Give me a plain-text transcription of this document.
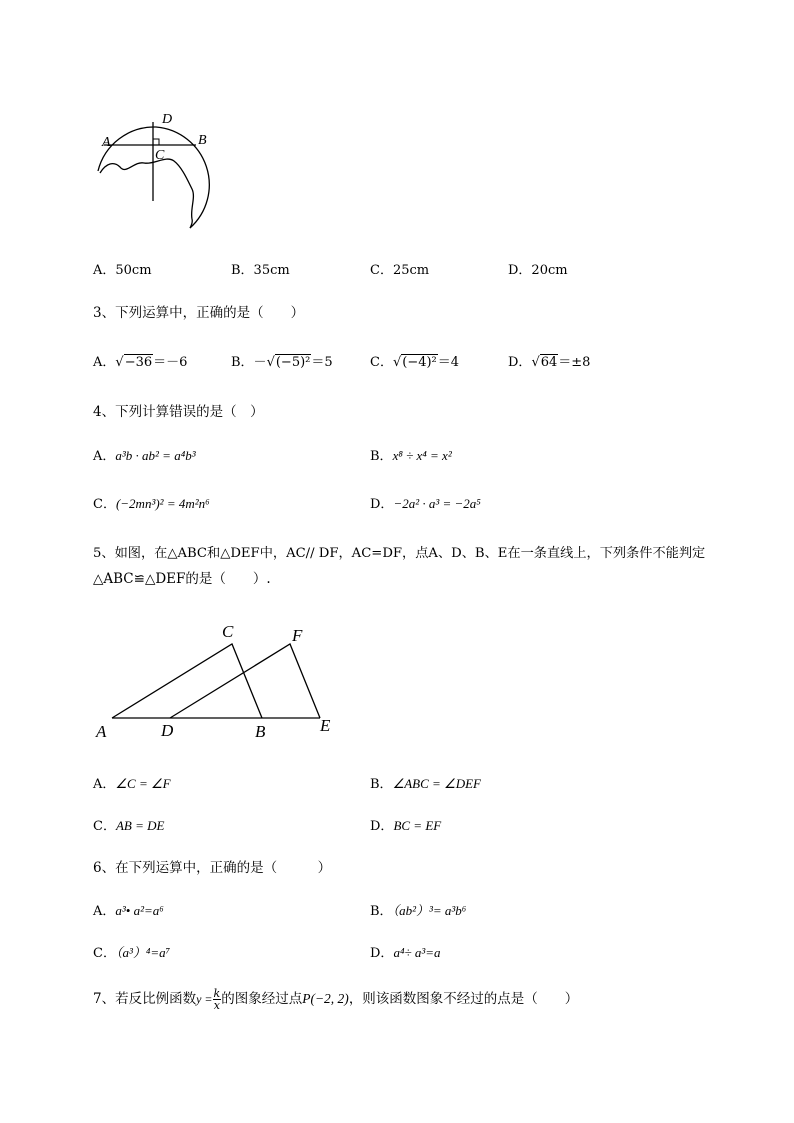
D
A	B
C
A．50cm	B．35cm	C．25cm	D．20cm
3、下列运算中，正确的是（　　）
A．√−36＝－6	B．－√(−5)²＝5	C．√(−4)²＝4	D．√64＝±8
4、下列计算错误的是（　）
A．a³b · ab² = a⁴b³	B．x⁸ ÷ x⁴ = x²
C．(−2mn³)² = 4m²n⁶	D．−2a² · a³ = −2a⁵
5、如图，在△ABC和△DEF中，AC// DF，AC=DF，点A、D、B、E在一条直线上，下列条件不能判定
△ABC≌△DEF的是（　　）.
C	F
A	D	B	E
A．∠C = ∠F	B．∠ABC = ∠DEF
C．AB = DE	D．BC = EF
6、在下列运算中，正确的是（　　　）
A．a³• a²=a⁶	B．（ab²）³= a³b⁶
C．（a³）⁴=a⁷	D．a⁴÷ a³=a
7、若反比例函数$y = \frac{k}{x}$ 的图象经过点P(−2, 2)，则该函数图象不经过的点是（　　）
